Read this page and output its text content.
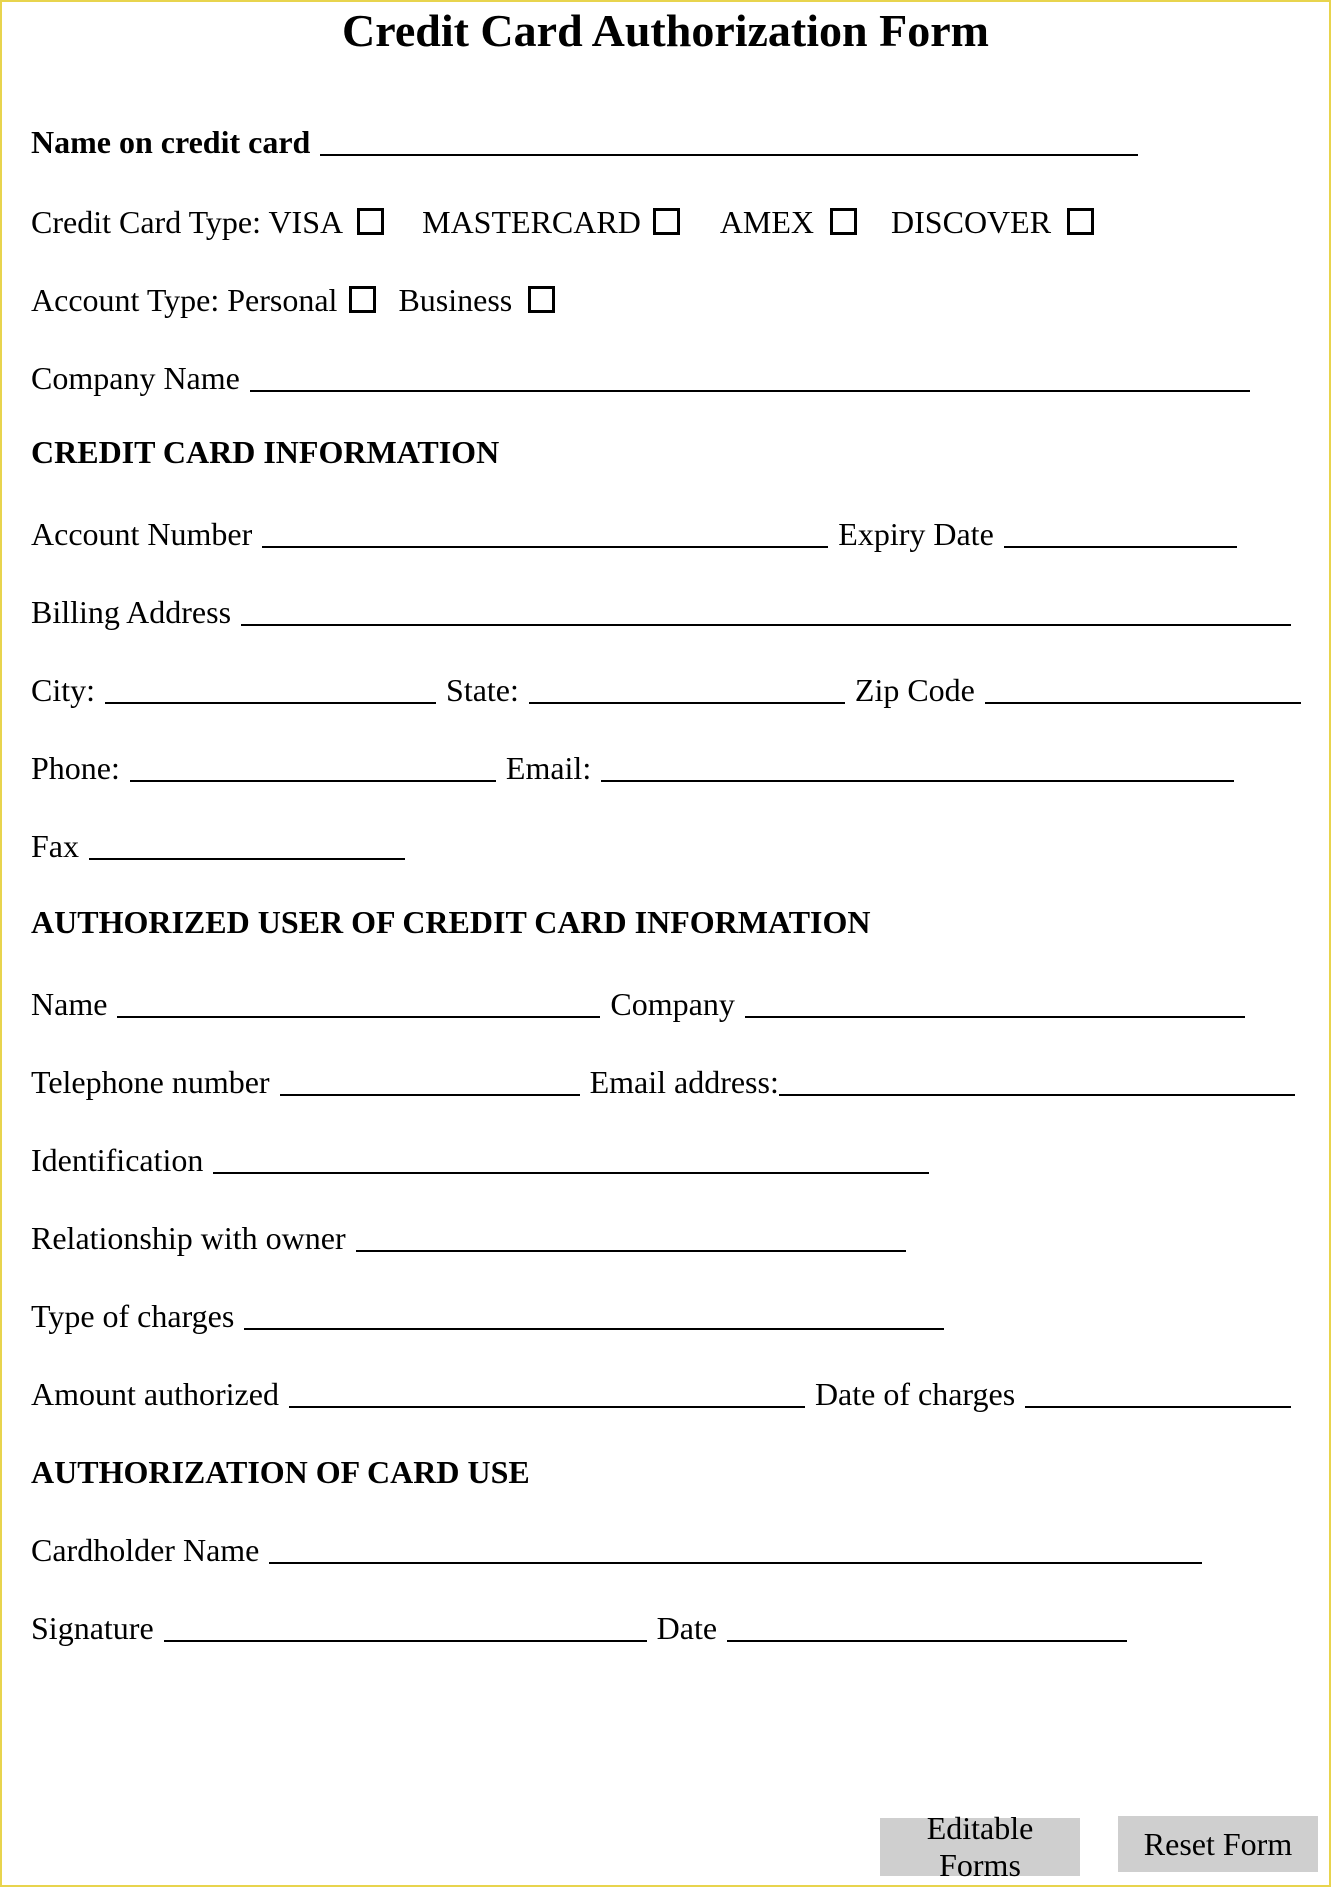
Credit Card Authorization Form
Name on credit card
Credit Card Type: VISA MASTERCARD AMEX DISCOVER
Account Type: Personal Business
Company Name
CREDIT CARD INFORMATION
Account Number	Expiry Date
Billing Address
City:	State:	Zip Code
Phone:	Email:
Fax
AUTHORIZED USER OF CREDIT CARD INFORMATION
Name	Company
Telephone number	Email address:
Identification
Relationship with owner
Type of charges
Amount authorized	Date of charges
AUTHORIZATION OF CARD USE
Cardholder Name
Signature	Date
Editable Forms
Reset Form
